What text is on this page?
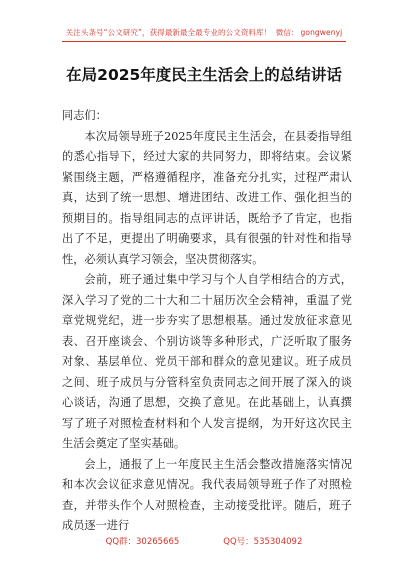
关注头条号“公文研究”，获得最新最全最专业的公文资料库！ 微信： gongwenyj
在局2025年度民主生活会上的总结讲话

同志们：

本次局领导班子2025年度民主生活会，在县委指导组的悉心指导下，经过大家的共同努力，即将结束。会议紧紧围绕主题，严格遵循程序，准备充分扎实，过程严肃认真，达到了统一思想、增进团结、改进工作、强化担当的预期目的。指导组同志的点评讲话，既给予了肯定，也指出了不足，更提出了明确要求，具有很强的针对性和指导性，必须认真学习领会，坚决贯彻落实。

会前，班子通过集中学习与个人自学相结合的方式，深入学习了党的二十大和二十届历次全会精神，重温了党章党规党纪，进一步夯实了思想根基。通过发放征求意见表、召开座谈会、个别访谈等多种形式，广泛听取了服务对象、基层单位、党员干部和群众的意见建议。班子成员之间、班子成员与分管科室负责同志之间开展了深入的谈心谈话，沟通了思想，交换了意见。在此基础上，认真撰写了班子对照检查材料和个人发言提纲，为开好这次民主生活会奠定了坚实基础。

会上，通报了上一年度民主生活会整改措施落实情况和本次会议征求意见情况。我代表局领导班子作了对照检查，并带头作个人对照检查，主动接受批评。随后，班子成员逐一进行

QQ群：30265665	QQ号：535304092
